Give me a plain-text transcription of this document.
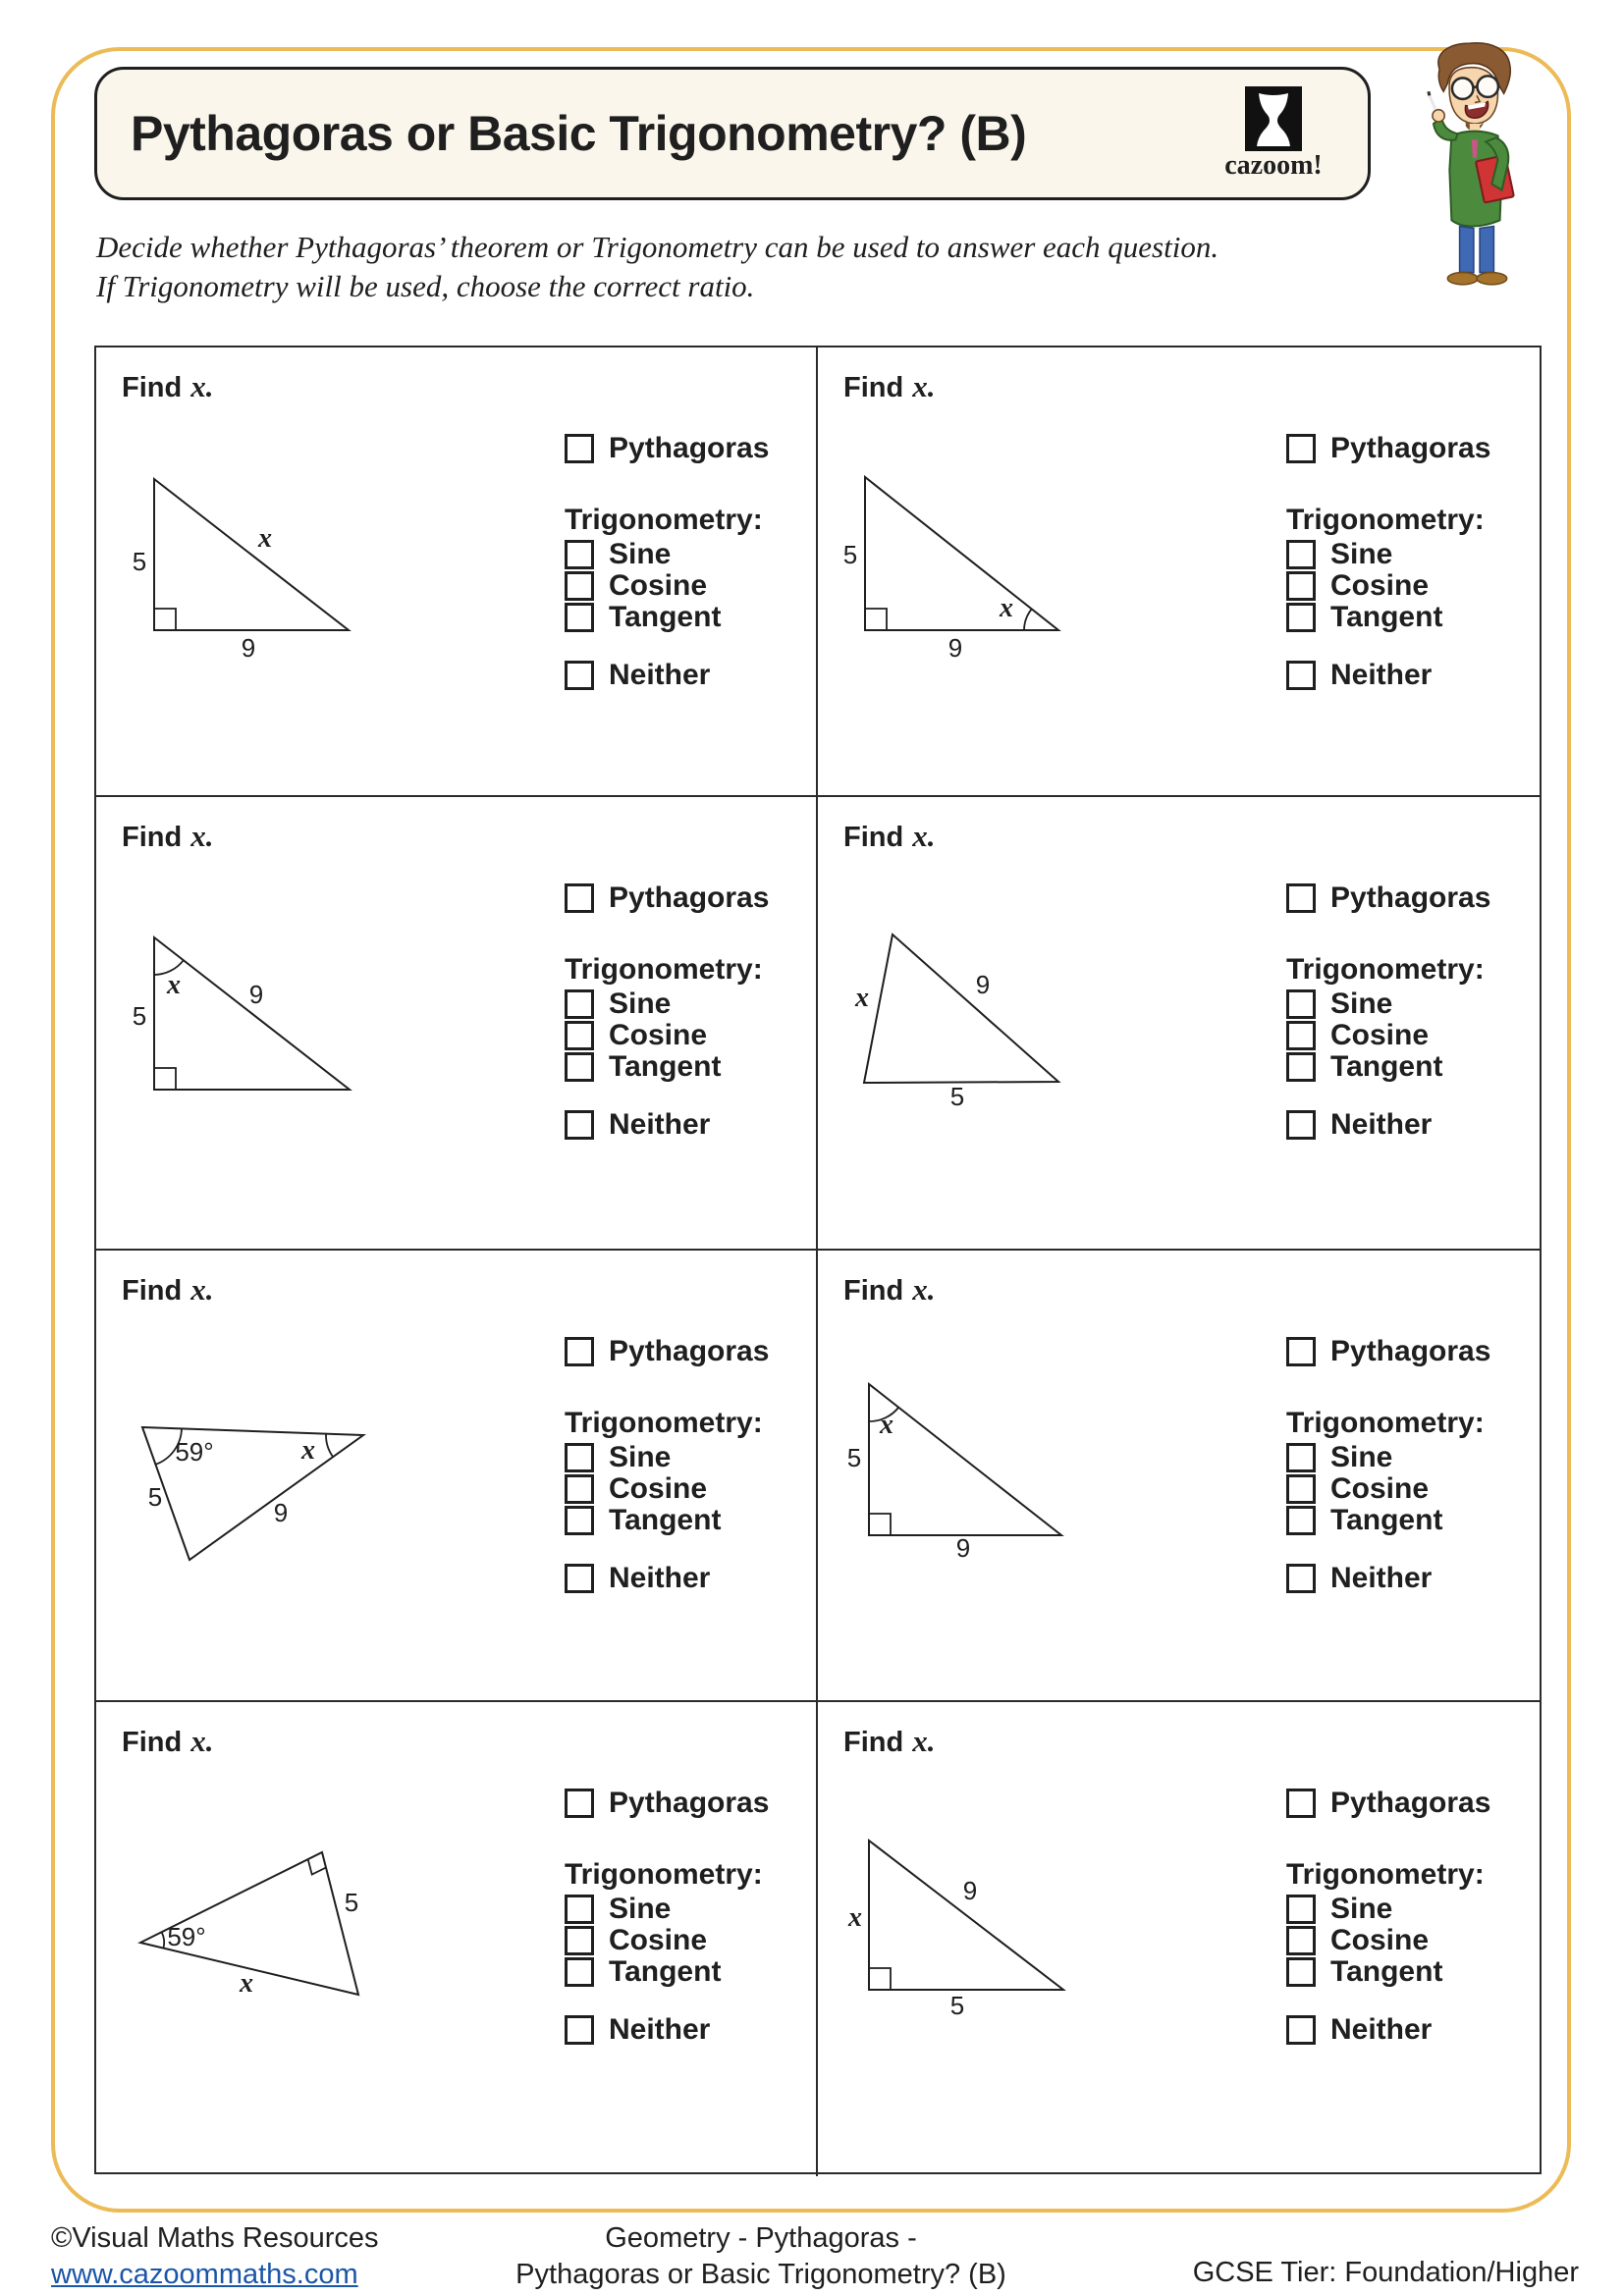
Pythagoras or Basic Trigonometry? (B)
cazoom!
Decide whether Pythagoras’ theorem or Trigonometry can be used to answer each question.
If Trigonometry will be used, choose the correct ratio.
Find x.
5
9
x
Pythagoras
Trigonometry:
Sine
Cosine
Tangent
Neither
Find x.
5
9
x
Pythagoras
Trigonometry:
Sine
Cosine
Tangent
Neither
Find x.
x
5
9
Pythagoras
Trigonometry:
Sine
Cosine
Tangent
Neither
Find x.
x	9
5
Pythagoras
Trigonometry:
Sine
Cosine
Tangent
Neither
Find x.
59°	x
5
9
Pythagoras
Trigonometry:
Sine
Cosine
Tangent
Neither
Find x.
x
5
9
Pythagoras
Trigonometry:
Sine
Cosine
Tangent
Neither
Find x.
59°
5
x
Pythagoras
Trigonometry:
Sine
Cosine
Tangent
Neither
Find x.
x
9
5
Pythagoras
Trigonometry:
Sine
Cosine
Tangent
Neither
©Visual Maths Resources
www.cazoommaths.com
Geometry - Pythagoras -
Pythagoras or Basic Trigonometry? (B)	GCSE Tier: Foundation/Higher
